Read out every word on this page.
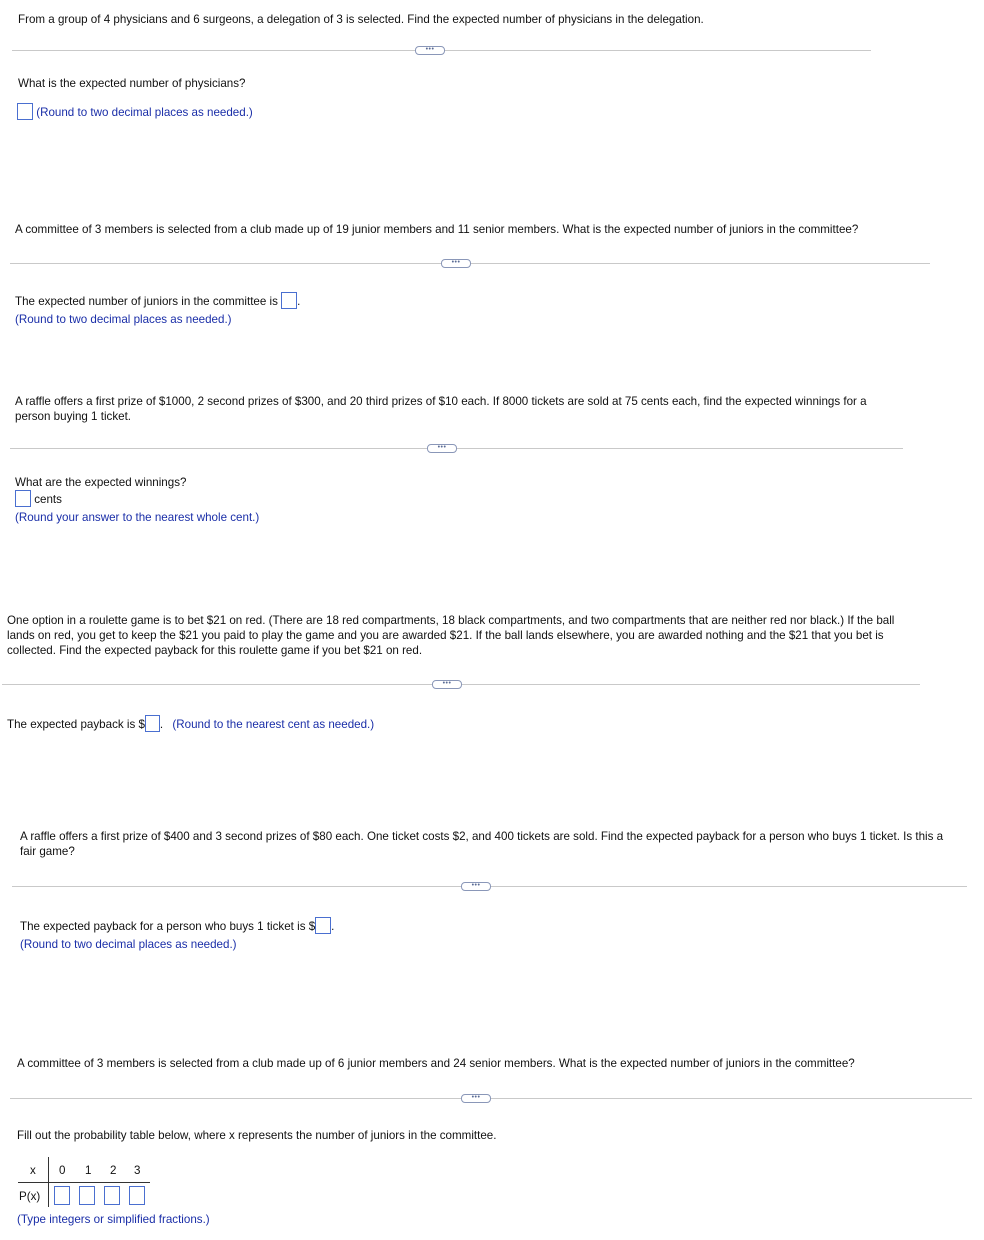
From a group of 4 physicians and 6 surgeons, a delegation of 3 is selected. Find the expected number of physicians in the delegation.
•••
What is the expected number of physicians?
(Round to two decimal places as needed.)
A committee of 3 members is selected from a club made up of 19 junior members and 11 senior members. What is the expected number of juniors in the committee?
•••
The expected number of juniors in the committee is .
(Round to two decimal places as needed.)
A raffle offers a first prize of $1000, 2 second prizes of $300, and 20 third prizes of $10 each. If 8000 tickets are sold at 75 cents each, find the expected winnings for a person buying 1 ticket.
•••
What are the expected winnings?
cents
(Round your answer to the nearest whole cent.)
One option in a roulette game is to bet $21 on red. (There are 18 red compartments, 18 black compartments, and two compartments that are neither red nor black.) If the ball lands on red, you get to keep the $21 you paid to play the game and you are awarded $21. If the ball lands elsewhere, you are awarded nothing and the $21 that you bet is collected. Find the expected payback for this roulette game if you bet $21 on red.
•••
The expected payback is $ . (Round to the nearest cent as needed.)
A raffle offers a first prize of $400 and 3 second prizes of $80 each. One ticket costs $2, and 400 tickets are sold. Find the expected payback for a person who buys 1 ticket. Is this a fair game?
•••
The expected payback for a person who buys 1 ticket is $ .
(Round to two decimal places as needed.)
A committee of 3 members is selected from a club made up of 6 junior members and 24 senior members. What is the expected number of juniors in the committee?
•••
Fill out the probability table below, where x represents the number of juniors in the committee.
x 0 1 2 3
P(x)
(Type integers or simplified fractions.)
